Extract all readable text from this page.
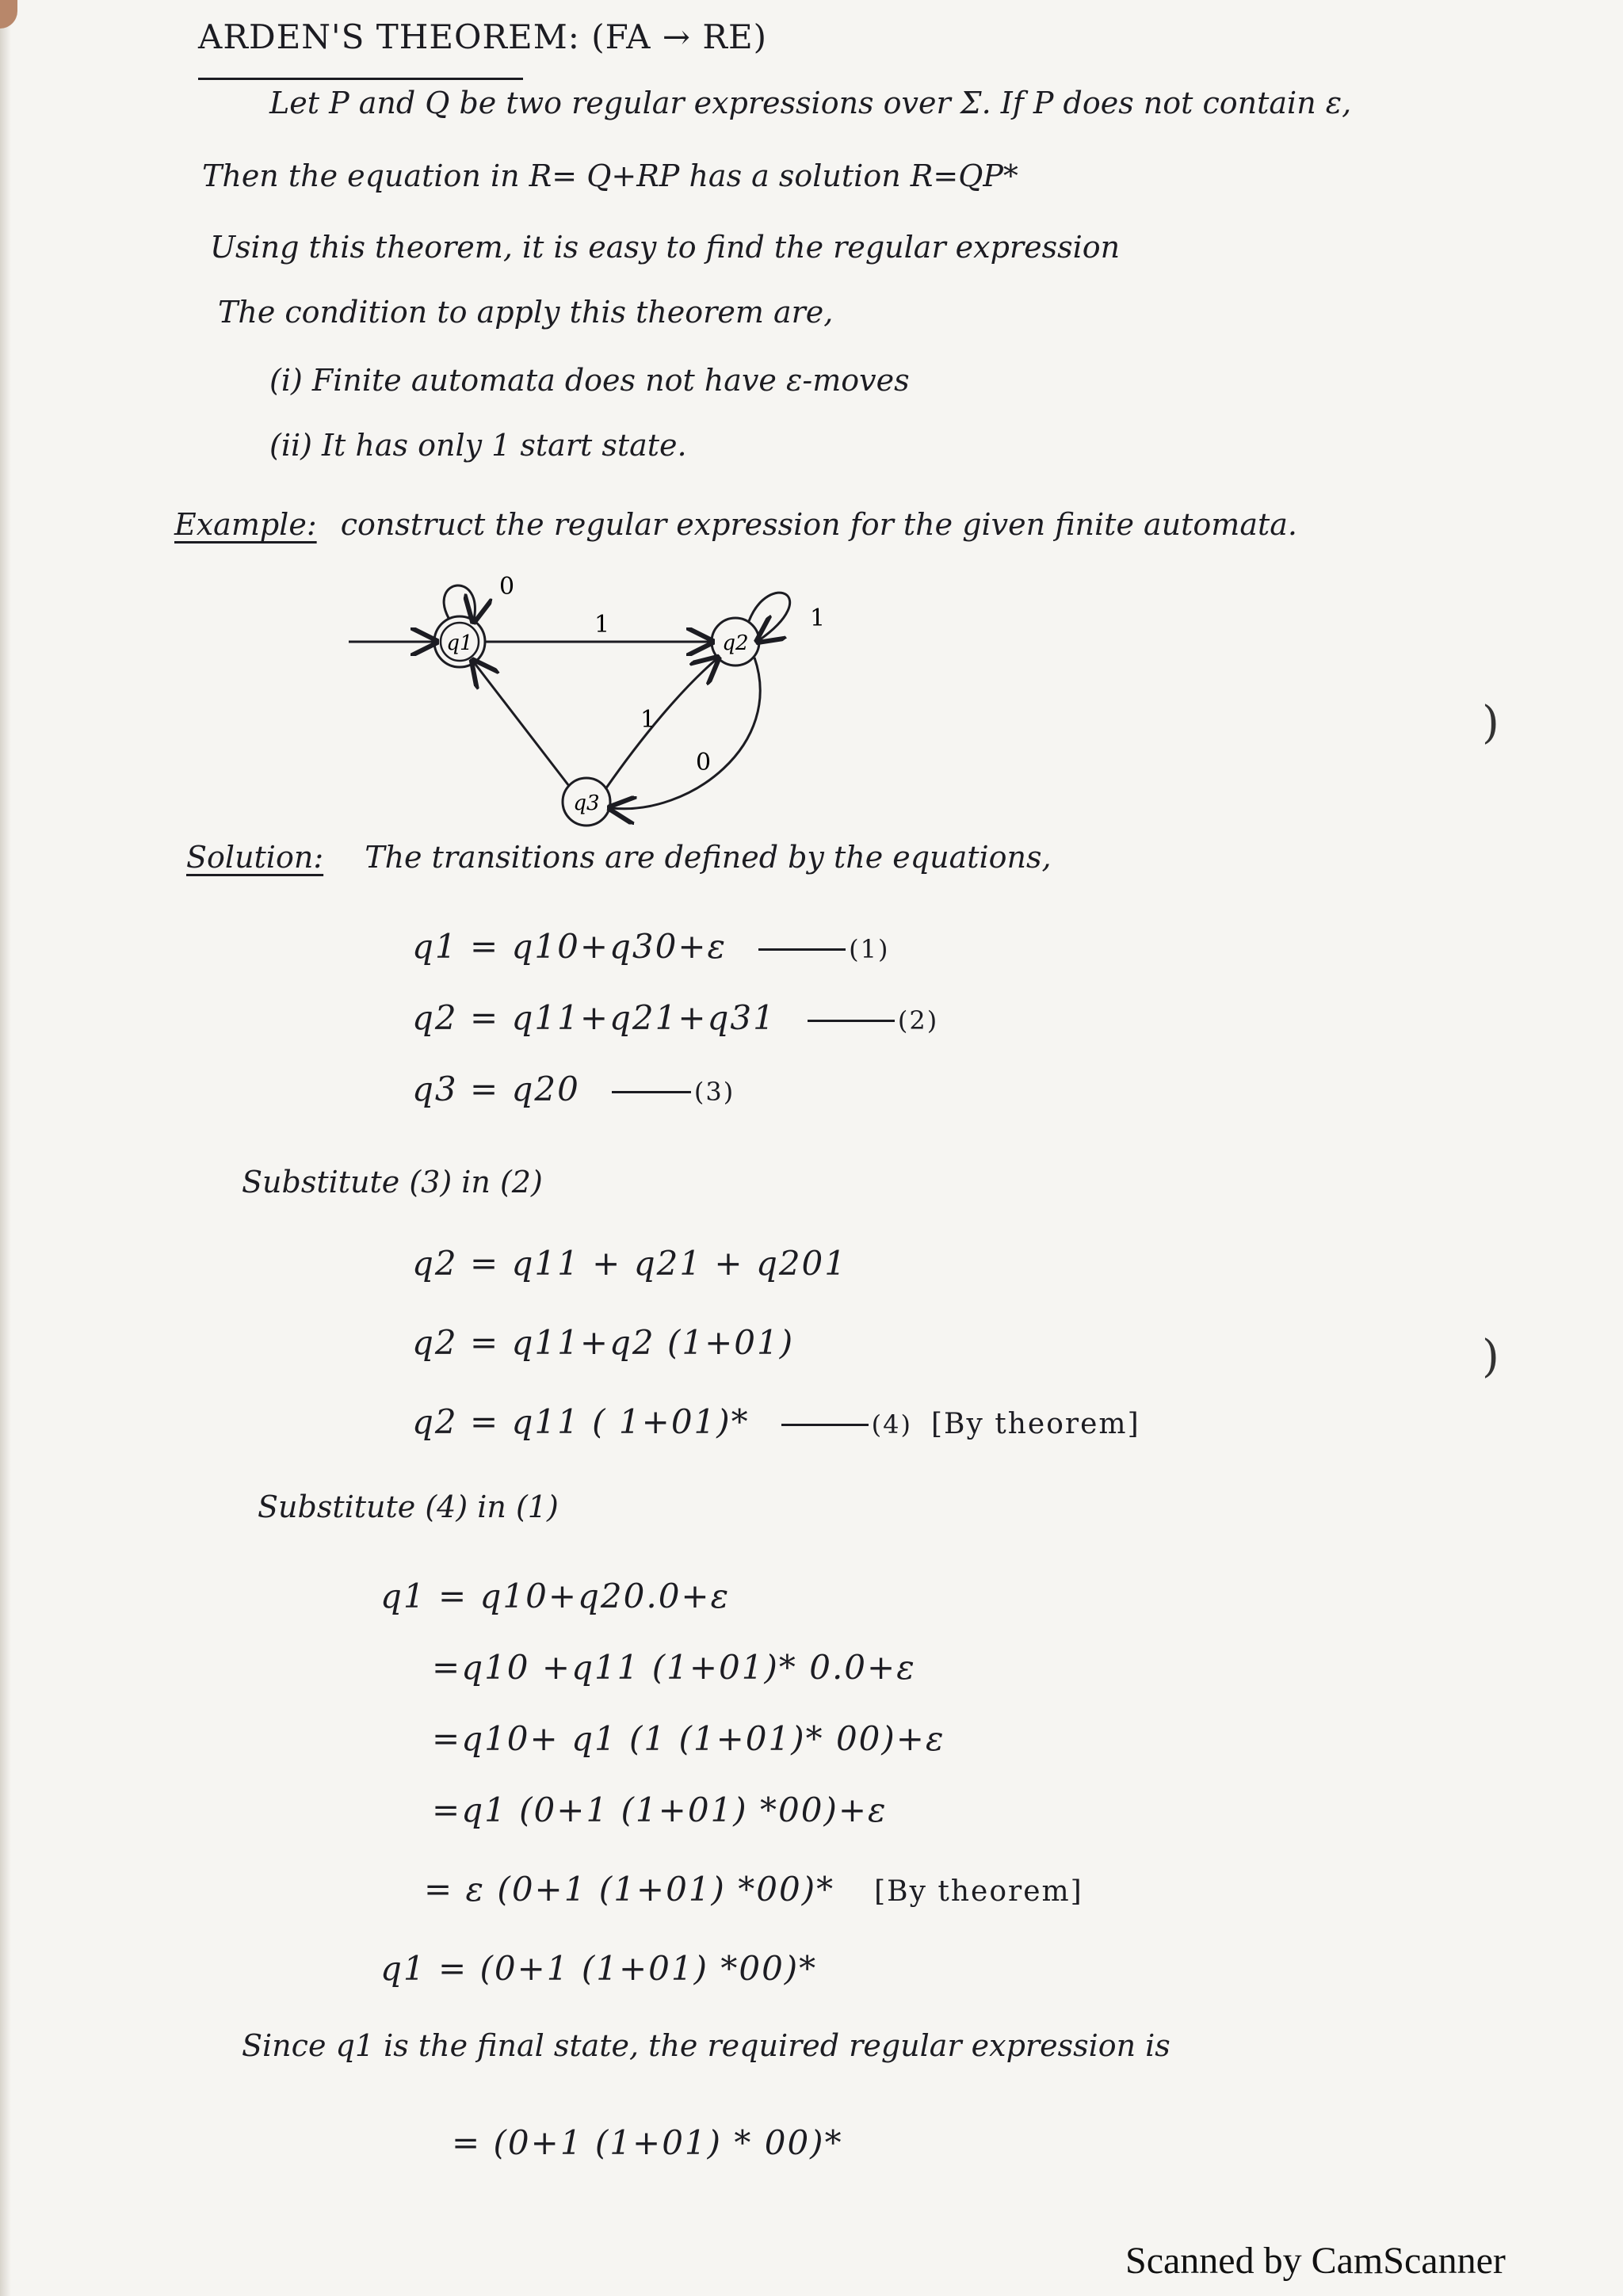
ARDEN'S THEOREM: (FA → RE)
Let P and Q be two regular expressions over Σ. If P does not contain ε,
Then the equation in R= Q+RP has a solution R=QP*
Using this theorem, it is easy to find the regular expression
The condition to apply this theorem are,
(i) Finite automata does not have ε-moves
(ii) It has only 1 start state.
Example: construct the regular expression for the given finite automata.
q1
0
1
q2
1
q3
1
0
Solution: The transitions are defined by the equations,
q1 = q10+q30+ε	(1)
q2 = q11+q21+q31	(2)
q3 = q20	(3)
Substitute (3) in (2)
q2 = q11 + q21 + q201
q2 = q11+q2 (1+01)
q2 = q11 ( 1+01)*	(4) [By theorem]
Substitute (4) in (1)
q1 = q10+q20.0+ε
=q10 +q11 (1+01)* 0.0+ε
=q10+ q1 (1 (1+01)* 00)+ε
=q1 (0+1 (1+01) *00)+ε
= ε (0+1 (1+01) *00)* [By theorem]
q1 = (0+1 (1+01) *00)*
Since q1 is the final state, the required regular expression is
= (0+1 (1+01) * 00)*
)
)
Scanned by CamScanner
